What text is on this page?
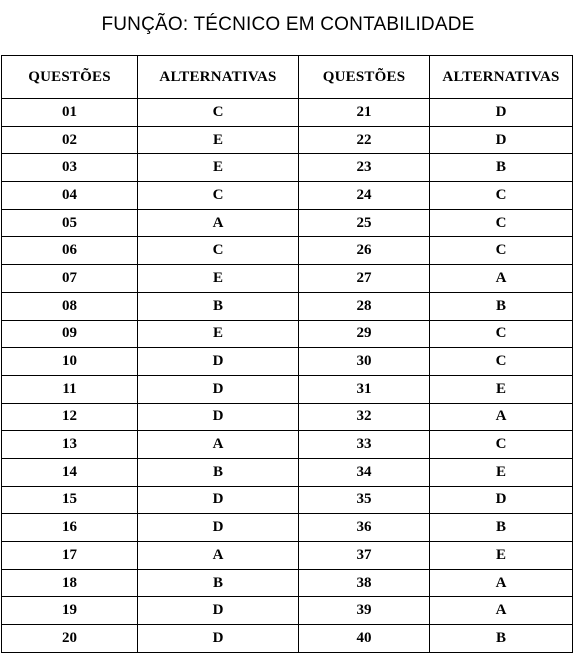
FUNÇÃO: TÉCNICO EM CONTABILIDADE
QUESTÕES	ALTERNATIVAS	QUESTÕES	ALTERNATIVAS
01	C	21	D
02	E	22	D
03	E	23	B
04	C	24	C
05	A	25	C
06	C	26	C
07	E	27	A
08	B	28	B
09	E	29	C
10	D	30	C
11	D	31	E
12	D	32	A
13	A	33	C
14	B	34	E
15	D	35	D
16	D	36	B
17	A	37	E
18	B	38	A
19	D	39	A
20	D	40	B
